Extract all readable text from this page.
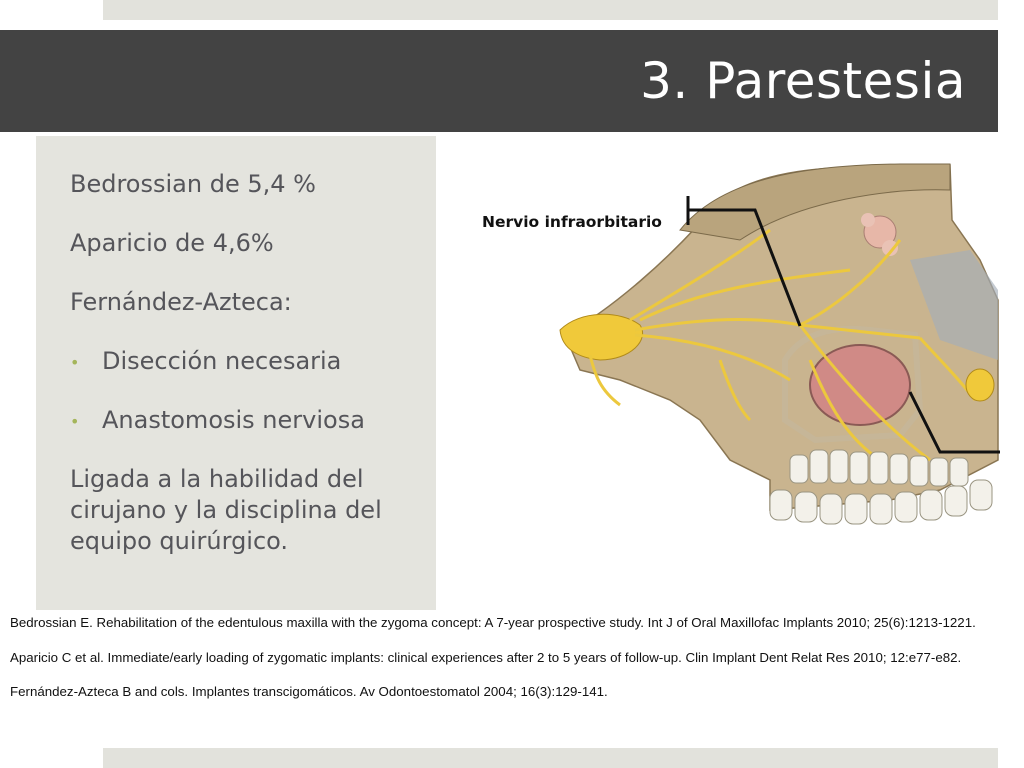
3. Parestesia

Bedrossian de 5,4 %

Aparicio de 4,6%

Fernández-Azteca:

• Disección necesaria

• Anastomosis nerviosa

Ligada a la habilidad del

cirujano y la disciplina del

equipo quirúrgico.

Nervio infraorbitario

Bedrossian E. Rehabilitation of the edentulous maxilla with the zygoma concept: A 7-year prospective study. Int J of Oral Maxillofac Implants 2010; 25(6):1213-1221.

Aparicio C et al. Immediate/early loading of zygomatic implants: clinical experiences after 2 to 5 years of follow-up. Clin Implant Dent Relat Res 2010; 12:e77-e82.

Fernández-Azteca B and cols. Implantes transcigomáticos. Av Odontoestomatol 2004; 16(3):129-141.
